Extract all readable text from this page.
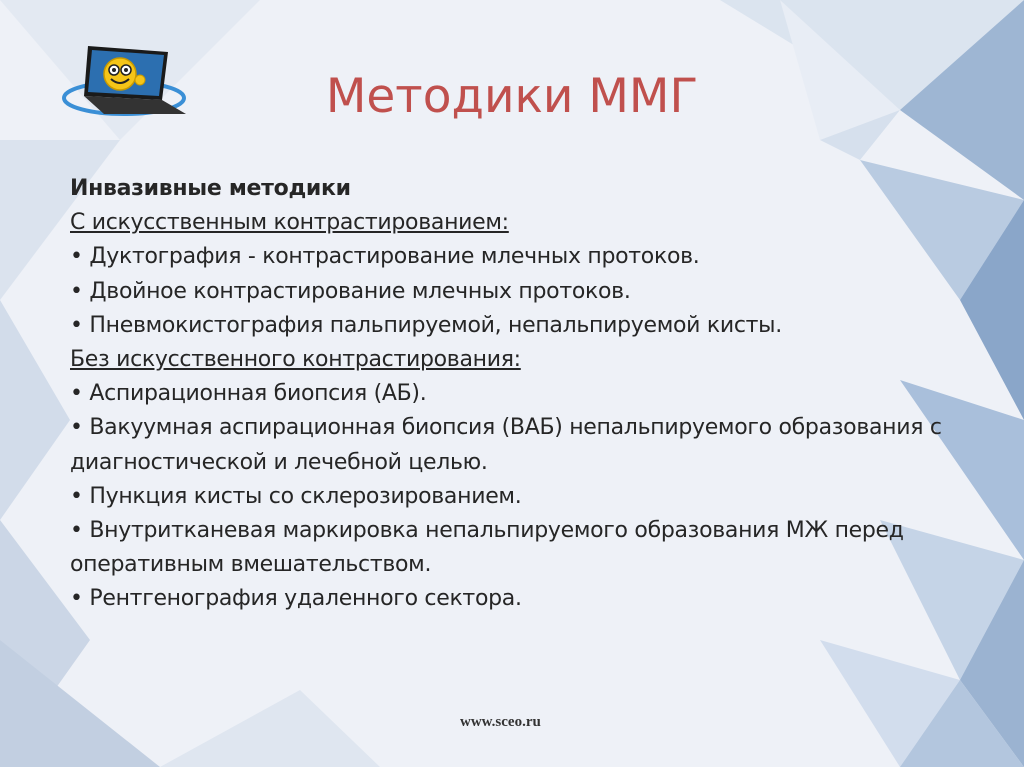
Методики ММГ
Инвазивные методики
С искусственным контрастированием:
• Дуктография - контрастирование млечных протоков.
• Двойное контрастирование млечных протоков.
• Пневмокистография пальпируемой, непальпируемой кисты.
Без искусственного контрастирования:
• Аспирационная биопсия (АБ).
• Вакуумная аспирационная биопсия (ВАБ) непальпируемого образования с диагностической и лечебной целью.
• Пункция кисты со склерозированием.
• Внутритканевая маркировка непальпируемого образования МЖ перед оперативным вмешательством.
• Рентгенография удаленного сектора.
www.sceo.ru
